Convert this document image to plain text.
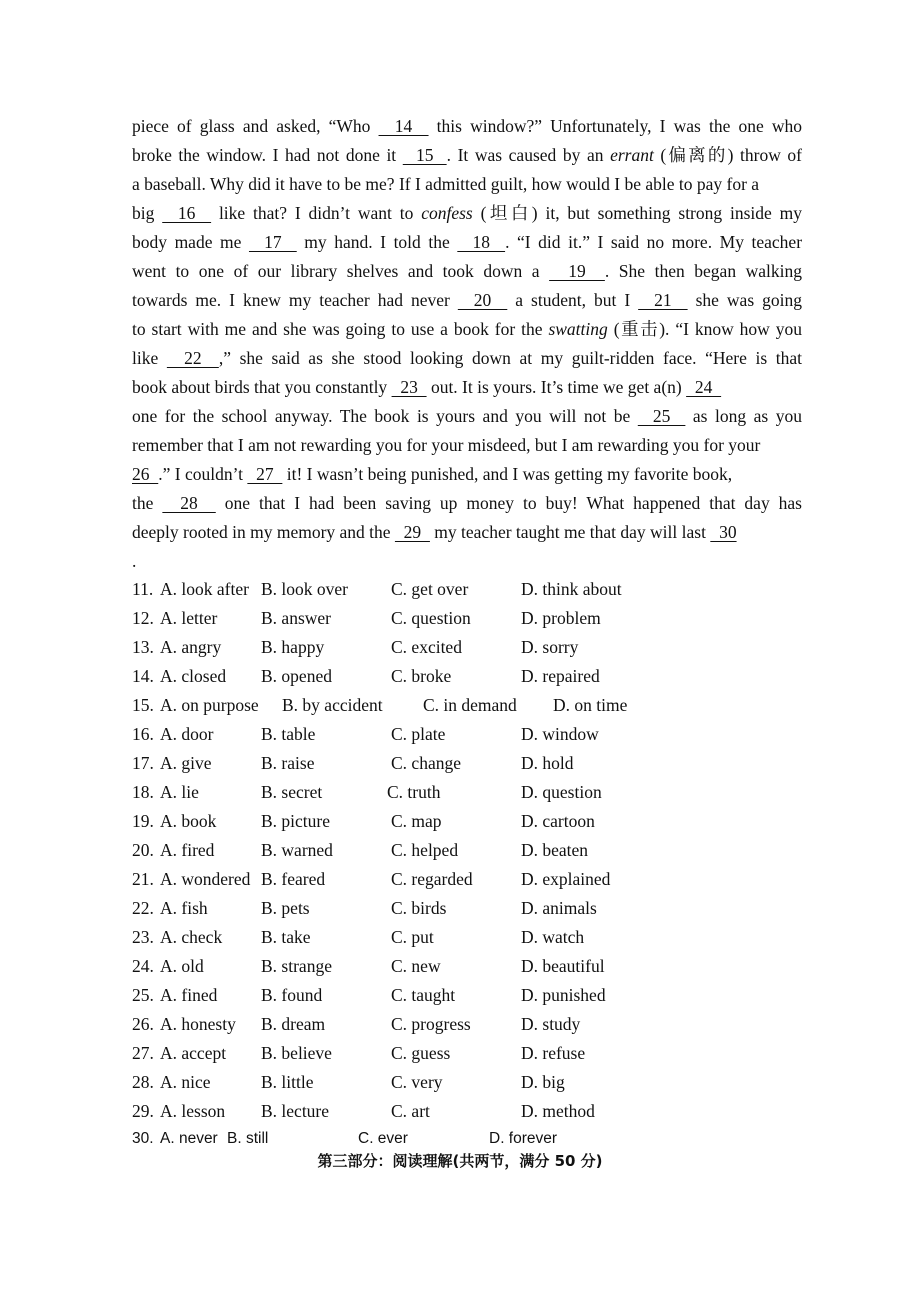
piece of glass and asked, “Who   14   this window?” Unfortunately, I was the one who
broke the window. I had not done it   15  . It was caused by an errant (偏离的) throw of
a baseball. Why did it have to be me? If I admitted guilt, how would I be able to pay for a
big   16   like that? I didn’t want to confess (坦白) it, but something strong inside my
body made me   17   my hand. I told the   18  . “I did it.” I said no more. My teacher
went to one of our library shelves and took down a   19  . She then began walking
towards me. I knew my teacher had never   20   a student, but I   21   she was going
to start with me and she was going to use a book for the swatting (重击). “I know how you
like   22  ,” she said as she stood looking down at my guilt-ridden face. “Here is that
book about birds that you constantly   23   out. It is yours. It’s time we get a(n)   24
one for the school anyway. The book is yours and you will not be   25   as long as you
remember that I am not rewarding you for your misdeed, but I am rewarding you for your
26  .” I couldn’t   27   it! I wasn’t being punished, and I was getting my favorite book,
the   28   one that I had been saving up money to buy! What happened that day has
deeply rooted in my memory and the   29   my teacher taught me that day will last   30
.
11. A. look after B. look over C. get over	D. think about
12. A. letter B. answer	C. question	D. problem
13. A. angry B. happy	C. excited	D. sorry
14. A. closed B. opened	C. broke	D. repaired
15. A. on purpose B. by accident C. in demand D. on time
16. A. door	B. table	C. plate	D. window
17. A. give	B. raise	C. change	D. hold
18. A. lie	B. secret	C. truth	D. question
19. A. book	B. picture	C. map	D. cartoon
20. A. fired	B. warned	C. helped	D. beaten
21. A. wondered B. feared	C. regarded	D. explained
22. A. fish	B. pets	C. birds	D. animals
23. A. check B. take	C. put	D. watch
24. A. old	B. strange	C. new	D. beautiful
25. A. fined B. found	C. taught	D. punished
26. A. honesty B. dream	C. progress	D. study
27. A. accept B. believe	C. guess	D. refuse
28. A. nice	B. little	C. very	D. big
29. A. lesson B. lecture	C. art	D. method
30. A. never B. still	C. ever	D. forever
第三部分：阅读理解(共两节，满分 50 分)
